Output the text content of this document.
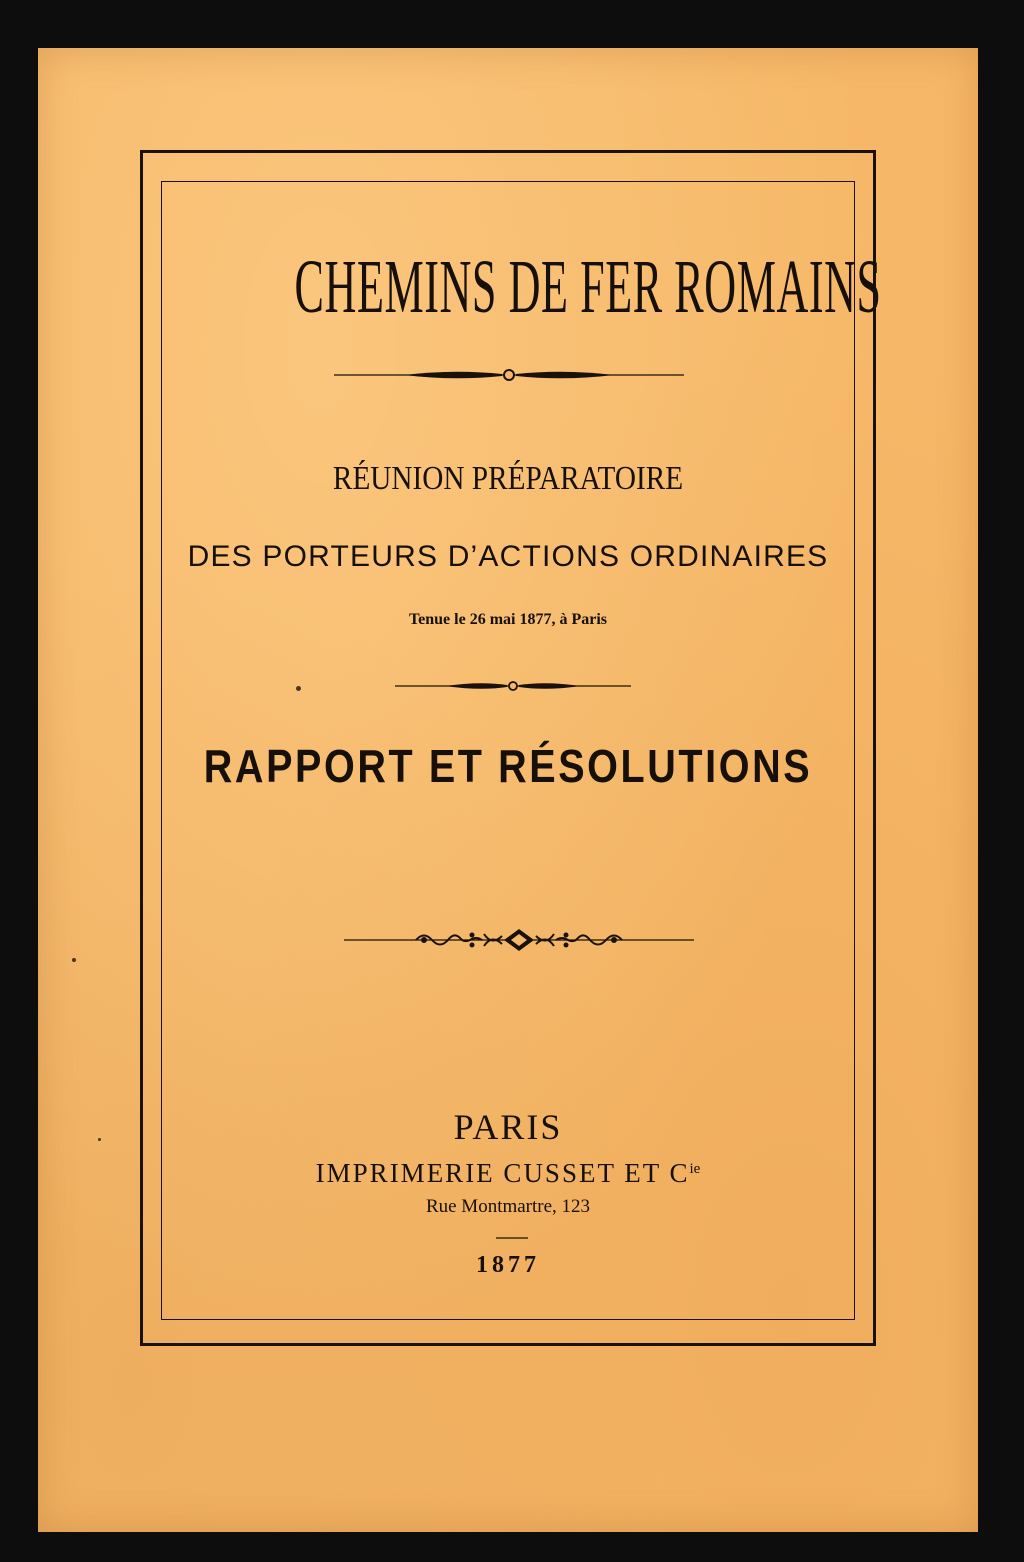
CHEMINS DE FER ROMAINS

RÉUNION PRÉPARATOIRE

DES PORTEURS D’ACTIONS ORDINAIRES

Tenue le 26 mai 1877, à Paris

RAPPORT ET RÉSOLUTIONS

PARIS

IMPRIMERIE CUSSET ET $C^{ie}$

Rue Montmartre, 123

1877
